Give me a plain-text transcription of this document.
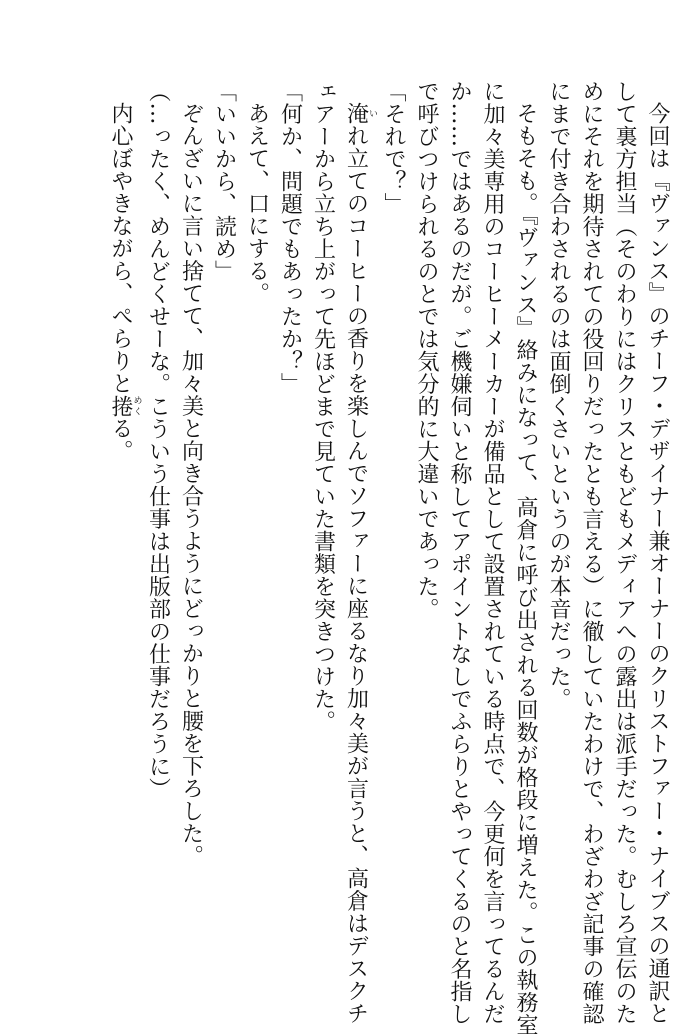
今回は『ヴァンス』のチーフ・デザイナー兼オーナーのクリストファー・ナイブスの通訳と
して裏方担当（そのわりにはクリスともどもメディアへの露出は派手だった。むしろ宣伝のた
めにそれを期待されての役回りだったとも言える）に徹していたわけで、わざわざ記事の確認
にまで付き合わされるのは面倒くさいというのが本音だった。
そもそも。『ヴァンス』絡みになって、高倉に呼び出される回数が格段に増えた。この執務室
に加々美専用のコーヒーメーカーが備品として設置されている時点で、今更何を言ってるんだ
か……ではあるのだが。ご機嫌伺いと称してアポイントなしでふらりとやってくるのと名指し
で呼びつけられるのとでは気分的に大違いであった。
「それで？」
淹いれ立てのコーヒーの香りを楽しんでソファーに座るなり加々美が言うと、高倉はデスクチ
ェアーから立ち上がって先ほどまで見ていた書類を突きつけた。
「何か、問題でもあったか？」
あえて、口にする。
「いいから、読め」
ぞんざいに言い捨てて、加々美と向き合うようにどっかりと腰を下ろした。
（…ったく、めんどくせーな。こういう仕事は出版部の仕事だろうに）
内心ぼやきながら、ぺらりと捲めくる。
